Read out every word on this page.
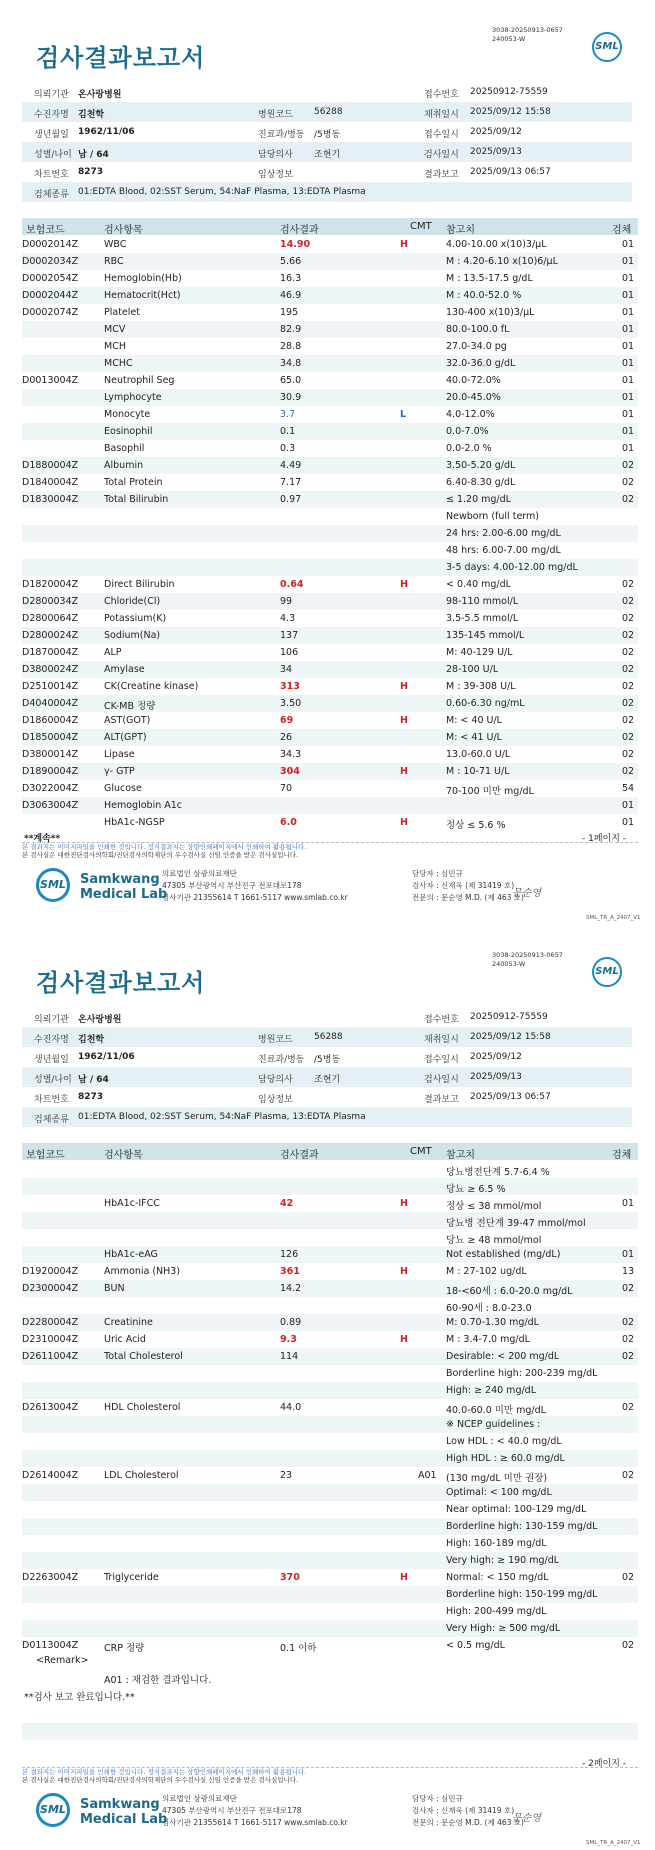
검사결과보고서
3038-20250913-0657
240053-W
SML
의뢰기관 온사랑병원	접수번호 20250912-75559
수진자명 김천학	병원코드 56288	채취일시 2025/09/12 15:58
생년월일 1962/11/06	진료과/병동 /5병동	접수일시 2025/09/12
성별/나이 남 / 64	담당의사 조현기	검사일시 2025/09/13
차트번호 8273	임상정보	결과보고 2025/09/13 06:57
검체종류 01:EDTA Blood, 02:SST Serum, 54:NaF Plasma, 13:EDTA Plasma
보험코드	검사항목	검사결과	CMT 참고치	검체
본 결과지는 이미지파일을 인쇄한 것입니다. 정식결과지는 상향인쇄페이지에서 인쇄하여 활용됩니다.
본 검사실은 대한진단검사의학회/진단검사의학재단의 우수검사실 신임 인증을 받은 검사실입니다.
SML	Samkwang
Medical Lab
의료법인 삼광의료재단
47305 부산광역시 부산진구 전포대로178
검사기관 21355614 T 1661-5117 www.smlab.co.kr
담당자 : 심민규
검사자 : 신재욱 (제 31419 호)
전문의 : 문순영 M.D. (제 463 호)
문순영
SML_TR_A_2407_V1
D0002014Z	WBC	14.90	H	4.00-10.00 x(10)3/μL	01
D0002034Z	RBC	5.66	M : 4.20-6.10 x(10)6/μL	01
D0002054Z	Hemoglobin(Hb)	16.3	M : 13.5-17.5 g/dL	01
D0002044Z	Hematocrit(Hct)	46.9	M : 40.0-52.0 %	01
D0002074Z	Platelet	195	130-400 x(10)3/μL	01
MCV	82.9	80.0-100.0 fL	01
MCH	28.8	27.0-34.0 pg	01
MCHC	34.8	32.0-36.0 g/dL	01
D0013004Z	Neutrophil Seg	65.0	40.0-72.0%	01
Lymphocyte	30.9	20.0-45.0%	01
Monocyte	3.7	L	4.0-12.0%	01
Eosinophil	0.1	0.0-7.0%	01
Basophil	0.3	0.0-2.0 %	01
D1880004Z	Albumin	4.49	3.50-5.20 g/dL	02
D1840004Z	Total Protein	7.17	6.40-8.30 g/dL	02
D1830004Z	Total Bilirubin	0.97	≤ 1.20 mg/dL	02
Newborn (full term)
24 hrs: 2.00-6.00 mg/dL
48 hrs: 6.00-7.00 mg/dL
3-5 days: 4.00-12.00 mg/dL
D1820004Z	Direct Bilirubin	0.64	H	< 0.40 mg/dL	02
D2800034Z	Chloride(Cl)	99	98-110 mmol/L	02
D2800064Z	Potassium(K)	4.3	3.5-5.5 mmol/L	02
D2800024Z	Sodium(Na)	137	135-145 mmol/L	02
D1870004Z	ALP	106	M: 40-129 U/L	02
D3800024Z	Amylase	34	28-100 U/L	02
D2510014Z	CK(Creatine kinase)	313	H	M : 39-308 U/L	02
D4040004Z	CK-MB 정량	3.50	0.60-6.30 ng/mL	02
D1860004Z	AST(GOT)	69	H	M: < 40 U/L	02
D1850004Z	ALT(GPT)	26	M: < 41 U/L	02
D3800014Z	Lipase	34.3	13.0-60.0 U/L	02
D1890004Z	γ- GTP	304	H	M : 10-71 U/L	02
D3022004Z	Glucose	70	70-100 미만 mg/dL	54
D3063004Z	Hemoglobin A1c	01
HbA1c-NGSP	6.0	H	정상 ≤ 5.6 %	01
**계속**	- 1페이지 -
검사결과보고서
3038-20250913-0657
240053-W
SML
의뢰기관 온사랑병원	접수번호 20250912-75559
수진자명 김천학	병원코드 56288	채취일시 2025/09/12 15:58
생년월일 1962/11/06	진료과/병동 /5병동	접수일시 2025/09/12
성별/나이 남 / 64	담당의사 조현기	검사일시 2025/09/13
차트번호 8273	임상정보	결과보고 2025/09/13 06:57
검체종류 01:EDTA Blood, 02:SST Serum, 54:NaF Plasma, 13:EDTA Plasma
보험코드	검사항목	검사결과	CMT 참고치	검체
본 결과지는 이미지파일을 인쇄한 것입니다. 정식결과지는 상향인쇄페이지에서 인쇄하여 활용됩니다.
본 검사실은 대한진단검사의학회/진단검사의학재단의 우수검사실 신임 인증을 받은 검사실입니다.
SML	Samkwang
Medical Lab
의료법인 삼광의료재단
47305 부산광역시 부산진구 전포대로178
검사기관 21355614 T 1661-5117 www.smlab.co.kr
담당자 : 심민규
검사자 : 신재욱 (제 31419 호)
전문의 : 문순영 M.D. (제 463 호)
문순영
SML_TR_A_2407_V1
당뇨병전단계 5.7-6.4 %
당뇨 ≥ 6.5 %
HbA1c-IFCC	42	H	정상 ≤ 38 mmol/mol	01
당뇨병 전단계 39-47 mmol/mol
당뇨 ≥ 48 mmol/mol
HbA1c-eAG	126	Not established (mg/dL)	01
D1920004Z	Ammonia (NH3)	361	H	M : 27-102 ug/dL	13
D2300004Z	BUN	14.2	18-<60세 : 6.0-20.0 mg/dL	02
60-90세 : 8.0-23.0
D2280004Z	Creatinine	0.89	M: 0.70-1.30 mg/dL	02
D2310004Z	Uric Acid	9.3	H	M : 3.4-7.0 mg/dL	02
D2611004Z	Total Cholesterol	114	Desirable: < 200 mg/dL	02
Borderline high: 200-239 mg/dL
High: ≥ 240 mg/dL
D2613004Z	HDL Cholesterol	44.0	40.0-60.0 미만 mg/dL	02
※ NCEP guidelines :
Low HDL : < 40.0 mg/dL
High HDL : ≥ 60.0 mg/dL
D2614004Z	LDL Cholesterol	23	A01 (130 mg/dL 미만 권장)	02
Optimal: < 100 mg/dL
Near optimal: 100-129 mg/dL
Borderline high: 130-159 mg/dL
High: 160-189 mg/dL
Very high: ≥ 190 mg/dL
D2263004Z	Triglyceride	370	H	Normal: < 150 mg/dL	02
Borderline high: 150-199 mg/dL
High: 200-499 mg/dL
Very High: ≥ 500 mg/dL
D0113004Z	CRP 정량	0.1 이하	< 0.5 mg/dL	02
<Remark>
A01 : 재검한 결과입니다.
**검사 보고 완료입니다.**
- 2페이지 -
